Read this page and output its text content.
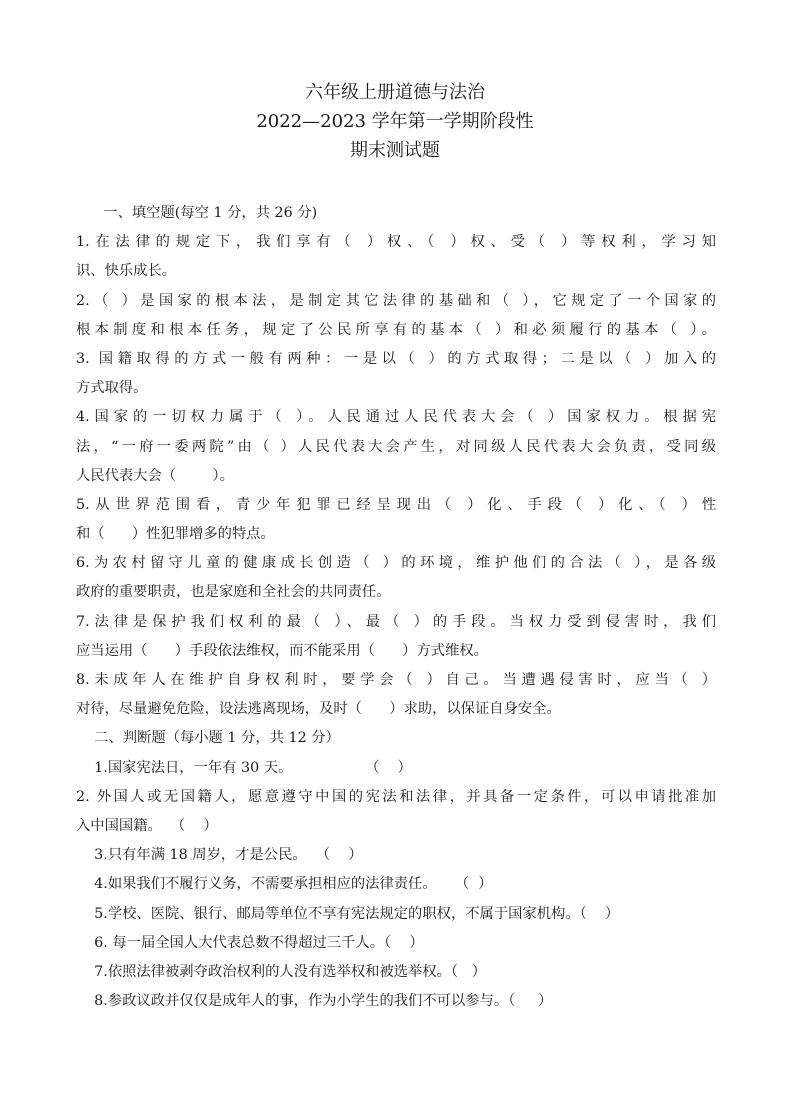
六年级上册道德与法治
2022—2023 学年第一学期阶段性
期末测试题
一、填空题(每空 1 分，共 26 分)
1.在法律的规定下，我们享有（ ）权、（ ）权、受（ ）等权利，学习知
识、快乐成长。
2.（ ）是国家的根本法，是制定其它法律的基础和（ ），它规定了一个国家的
根本制度和根本任务，规定了公民所享有的基本（ ）和必须履行的基本（ ）。
3. 国籍取得的方式一般有两种：一是以（ ）的方式取得；二是以（ ）加入的
方式取得。
4.国家的一切权力属于（ ）。人民通过人民代表大会（ ）国家权力。根据宪
法，“一府一委两院”由（ ）人民代表大会产生，对同级人民代表大会负责，受同级
人民代表大会（        ）。
5.从世界范围看，青少年犯罪已经呈现出（ ）化、手段（ ）化、（ ）性
和（      ）性犯罪增多的特点。
6.为农村留守儿童的健康成长创造（ ）的环境，维护他们的合法（ ），是各级
政府的重要职责，也是家庭和全社会的共同责任。
7.法律是保护我们权利的最（ ）、最（ ）的手段。当权力受到侵害时，我们
应当运用（      ）手段依法维权，而不能采用（      ）方式维权。
8.未成年人在维护自身权利时，要学会（ ）自己。当遭遇侵害时，应当（ ）
对待，尽量避免危险，设法逃离现场，及时（      ）求助，以保证自身安全。
二、判断题（每小题 1 分，共 12 分）
1.国家宪法日，一年有 30 天。                （    ）
2. 外国人或无国籍人，愿意遵守中国的宪法和法律，并具备一定条件，可以申请批准加
入中国国籍。  （    ）
3.只有年满 18 周岁，才是公民。  （    ）
4.如果我们不履行义务，不需要承担相应的法律责任。    （  ）
5.学校、医院、银行、邮局等单位不享有宪法规定的职权，不属于国家机构。（    ）
6. 每一届全国人大代表总数不得超过三千人。（    ）
7.依照法律被剥夺政治权利的人没有选举权和被选举权。（   ）
8.参政议政并仅仅是成年人的事，作为小学生的我们不可以参与。（     ）
